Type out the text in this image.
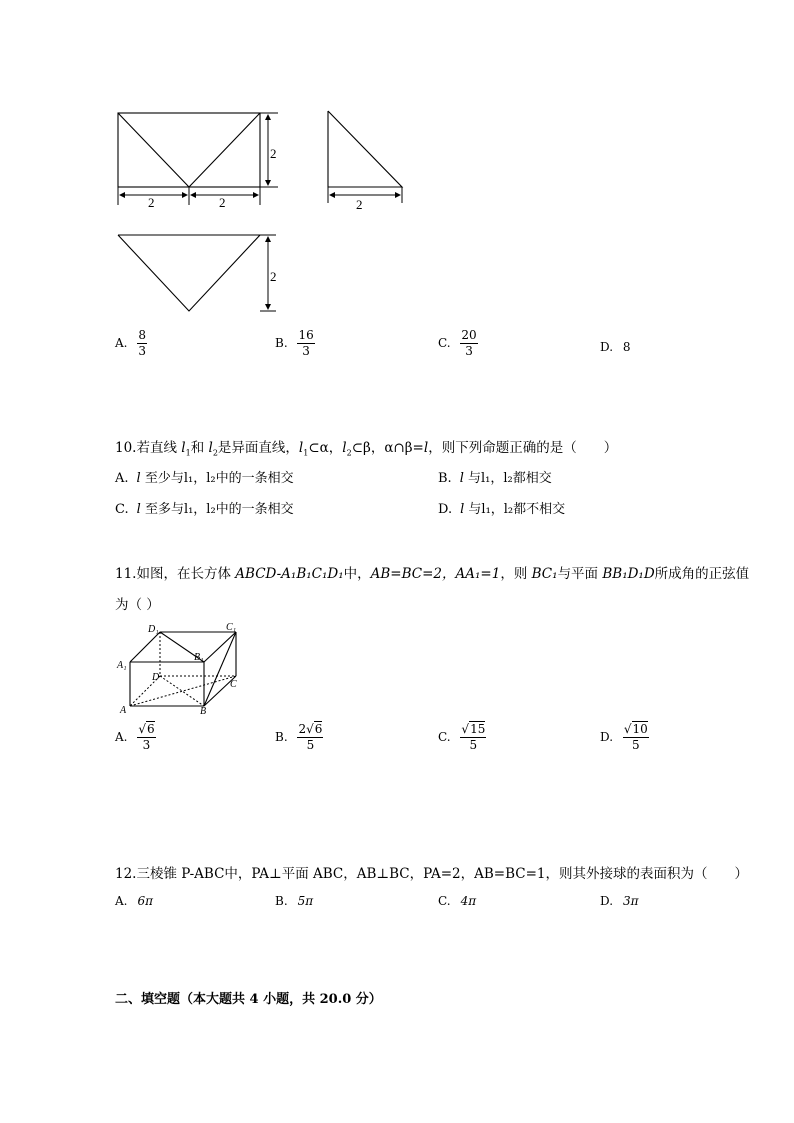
2
2	2	2
2
A. $\frac{8}{3}$	B. $\frac{16}{3}$	C. $\frac{20}{3}$	D. 8
10.若直线 $l_1$和 $l_2$是异面直线，$l_1\subset\alpha$，$l_2\subset\beta$，α∩β=l，则下列命题正确的是（　　）
A. l 至少与l₁，l₂中的一条相交	B. l 与l₁，l₂都相交
C. l 至多与l₁，l₂中的一条相交	D. l 与l₁，l₂都不相交
11.如图，在长方体 ABCD-A₁B₁C₁D₁中，AB=BC=2，AA₁=1，则 BC₁与平面 BB₁D₁D所成角的正弦值
为（ ）
D₁	C₁
A₁
B₁
D
C
A	B
A. $\frac{√6}{3}$	B. $\frac{2√6}{5}$	C. $\frac{√15}{5}$	D. $\frac{√10}{5}$
12.三棱锥 P-ABC中，PA⊥平面 ABC，AB⊥BC，PA=2，AB=BC=1，则其外接球的表面积为（　　）
A. 6π	B. 5π	C. 4π	D. 3π
二、填空题（本大题共 4 小题，共 20.0 分）
